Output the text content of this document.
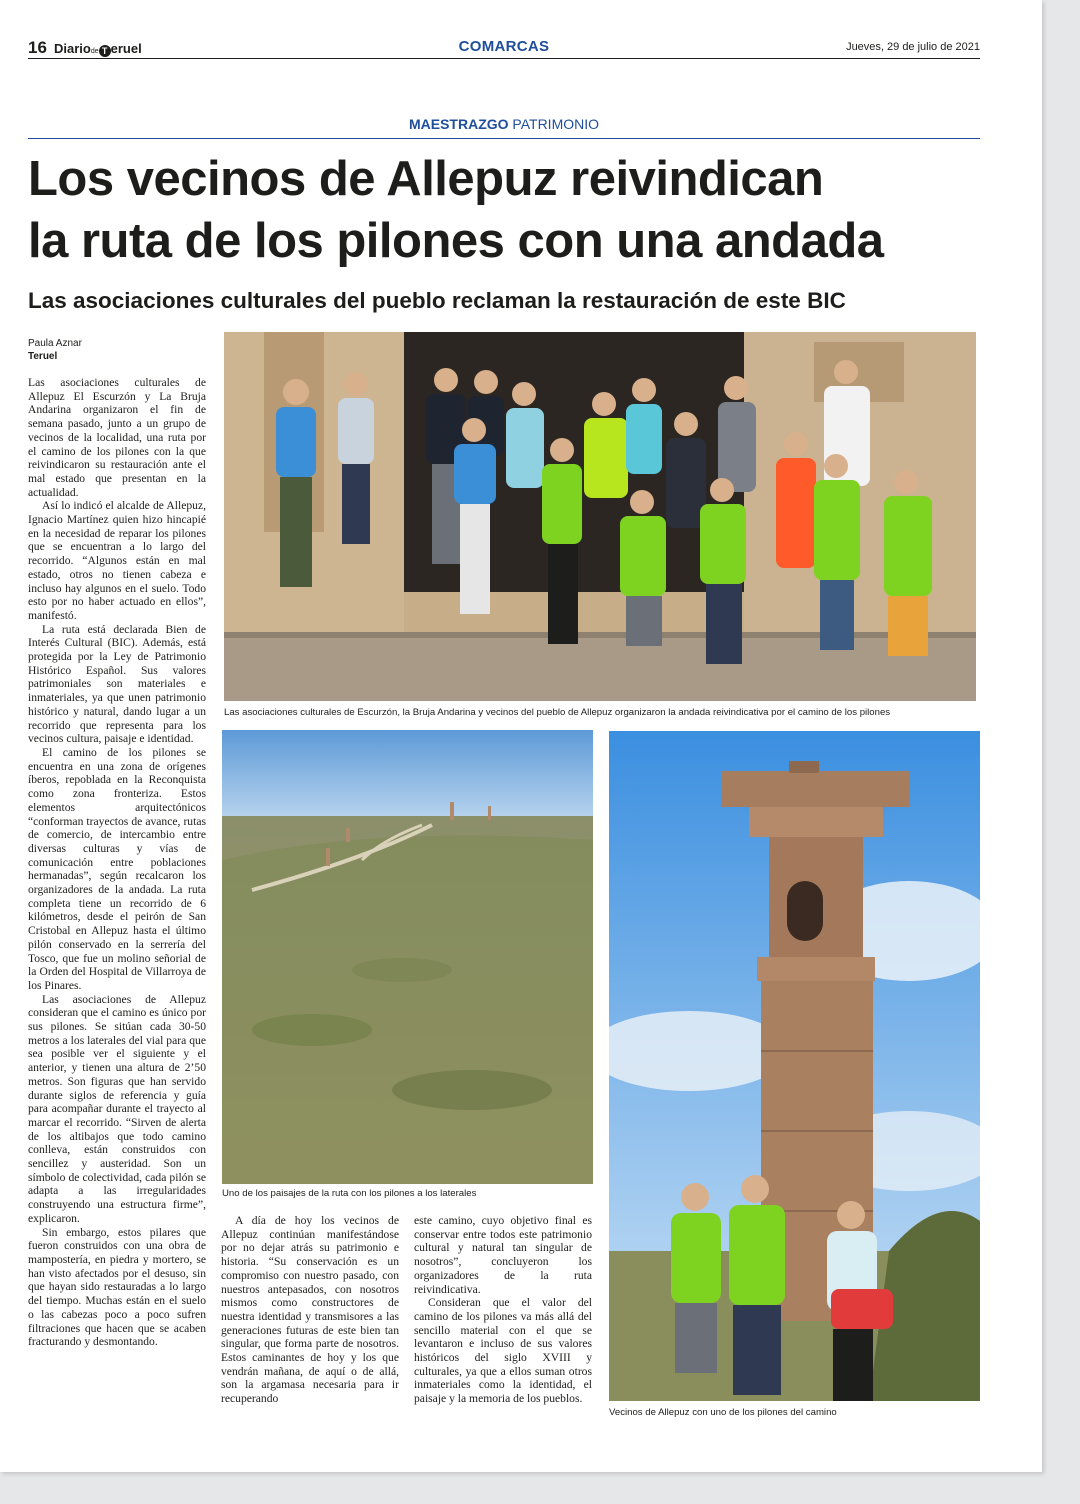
16 Diariode T eruel	COMARCAS	Jueves, 29 de julio de 2021
MAESTRAZGO PATRIMONIO
Los vecinos de Allepuz reivindican
la ruta de los pilones con una andada
Las asociaciones culturales del pueblo reclaman la restauración de este BIC
Paula Aznar
Teruel

Las asociaciones culturales de Allepuz El Escurzón y La Bruja Andarina organizaron el fin de semana pasado, junto a un grupo de vecinos de la localidad, una ruta por el camino de los pilones con la que reivindicaron su restauración ante el mal estado que presentan en la actualidad.

Así lo indicó el alcalde de Allepuz, Ignacio Martínez quien hizo hincapié en la necesidad de reparar los pilones que se encuentran a lo largo del recorrido. “Algunos están en mal estado, otros no tienen cabeza e incluso hay algunos en el suelo. Todo esto por no haber actuado en ellos”, manifestó.

La ruta está declarada Bien de Interés Cultural (BIC). Además, está protegida por la Ley de Patrimonio Histórico Español. Sus valores patrimoniales son materiales e inmateriales, ya que unen patrimonio histórico y natural, dando lugar a un recorrido que representa para los vecinos cultura, paisaje e identidad.

El camino de los pilones se encuentra en una zona de orígenes íberos, repoblada en la Reconquista como zona fronteriza. Estos elementos arquitectónicos “conforman trayectos de avance, rutas de comercio, de intercambio entre diversas culturas y vías de comunicación entre poblaciones hermanadas”, según recalcaron los organizadores de la andada. La ruta completa tiene un recorrido de 6 kilómetros, desde el peirón de San Cristobal en Allepuz hasta el último pilón conservado en la serrería del Tosco, que fue un molino señorial de la Orden del Hospital de Villarroya de los Pinares.

Las asociaciones de Allepuz consideran que el camino es único por sus pilones. Se sitúan cada 30-50 metros a los laterales del vial para que sea posible ver el siguiente y el anterior, y tienen una altura de 2’50 metros. Son figuras que han servido durante siglos de referencia y guía para acompañar durante el trayecto al marcar el recorrido. “Sirven de alerta de los altibajos que todo camino conlleva, están construidos con sencillez y austeridad. Son un símbolo de colectividad, cada pilón se adapta a las irregularidades construyendo una estructura firme”, explicaron.

Sin embargo, estos pilares que fueron construidos con una obra de mampostería, en piedra y mortero, se han visto afectados por el desuso, sin que hayan sido restauradas a lo largo del tiempo. Muchas están en el suelo o las cabezas poco a poco sufren filtraciones que hacen que se acaben fracturando y desmontando.

Las asociaciones culturales de Escurzón, la Bruja Andarina y vecinos del pueblo de Allepuz organizaron la andada reivindicativa por el camino de los pilones
Uno de los paisajes de la ruta con los pilones a los laterales
Vecinos de Allepuz con uno de los pilones del camino

A día de hoy los vecinos de Allepuz continúan manifestándose por no dejar atrás su patrimonio e historia. “Su conservación es un compromiso con nuestro pasado, con nuestros antepasados, con nosotros mismos como constructores de nuestra identidad y transmisores a las generaciones futuras de este bien tan singular, que forma parte de nosotros. Estos caminantes de hoy y los que vendrán mañana, de aquí o de allá, son la argamasa necesaria para ir recuperando

este camino, cuyo objetivo final es conservar entre todos este patrimonio cultural y natural tan singular de nosotros”, concluyeron los organizadores de la ruta reivindicativa.

Consideran que el valor del camino de los pilones va más allá del sencillo material con el que se levantaron e incluso de sus valores históricos del siglo XVIII y culturales, ya que a ellos suman otros inmateriales como la identidad, el paisaje y la memoria de los pueblos.
